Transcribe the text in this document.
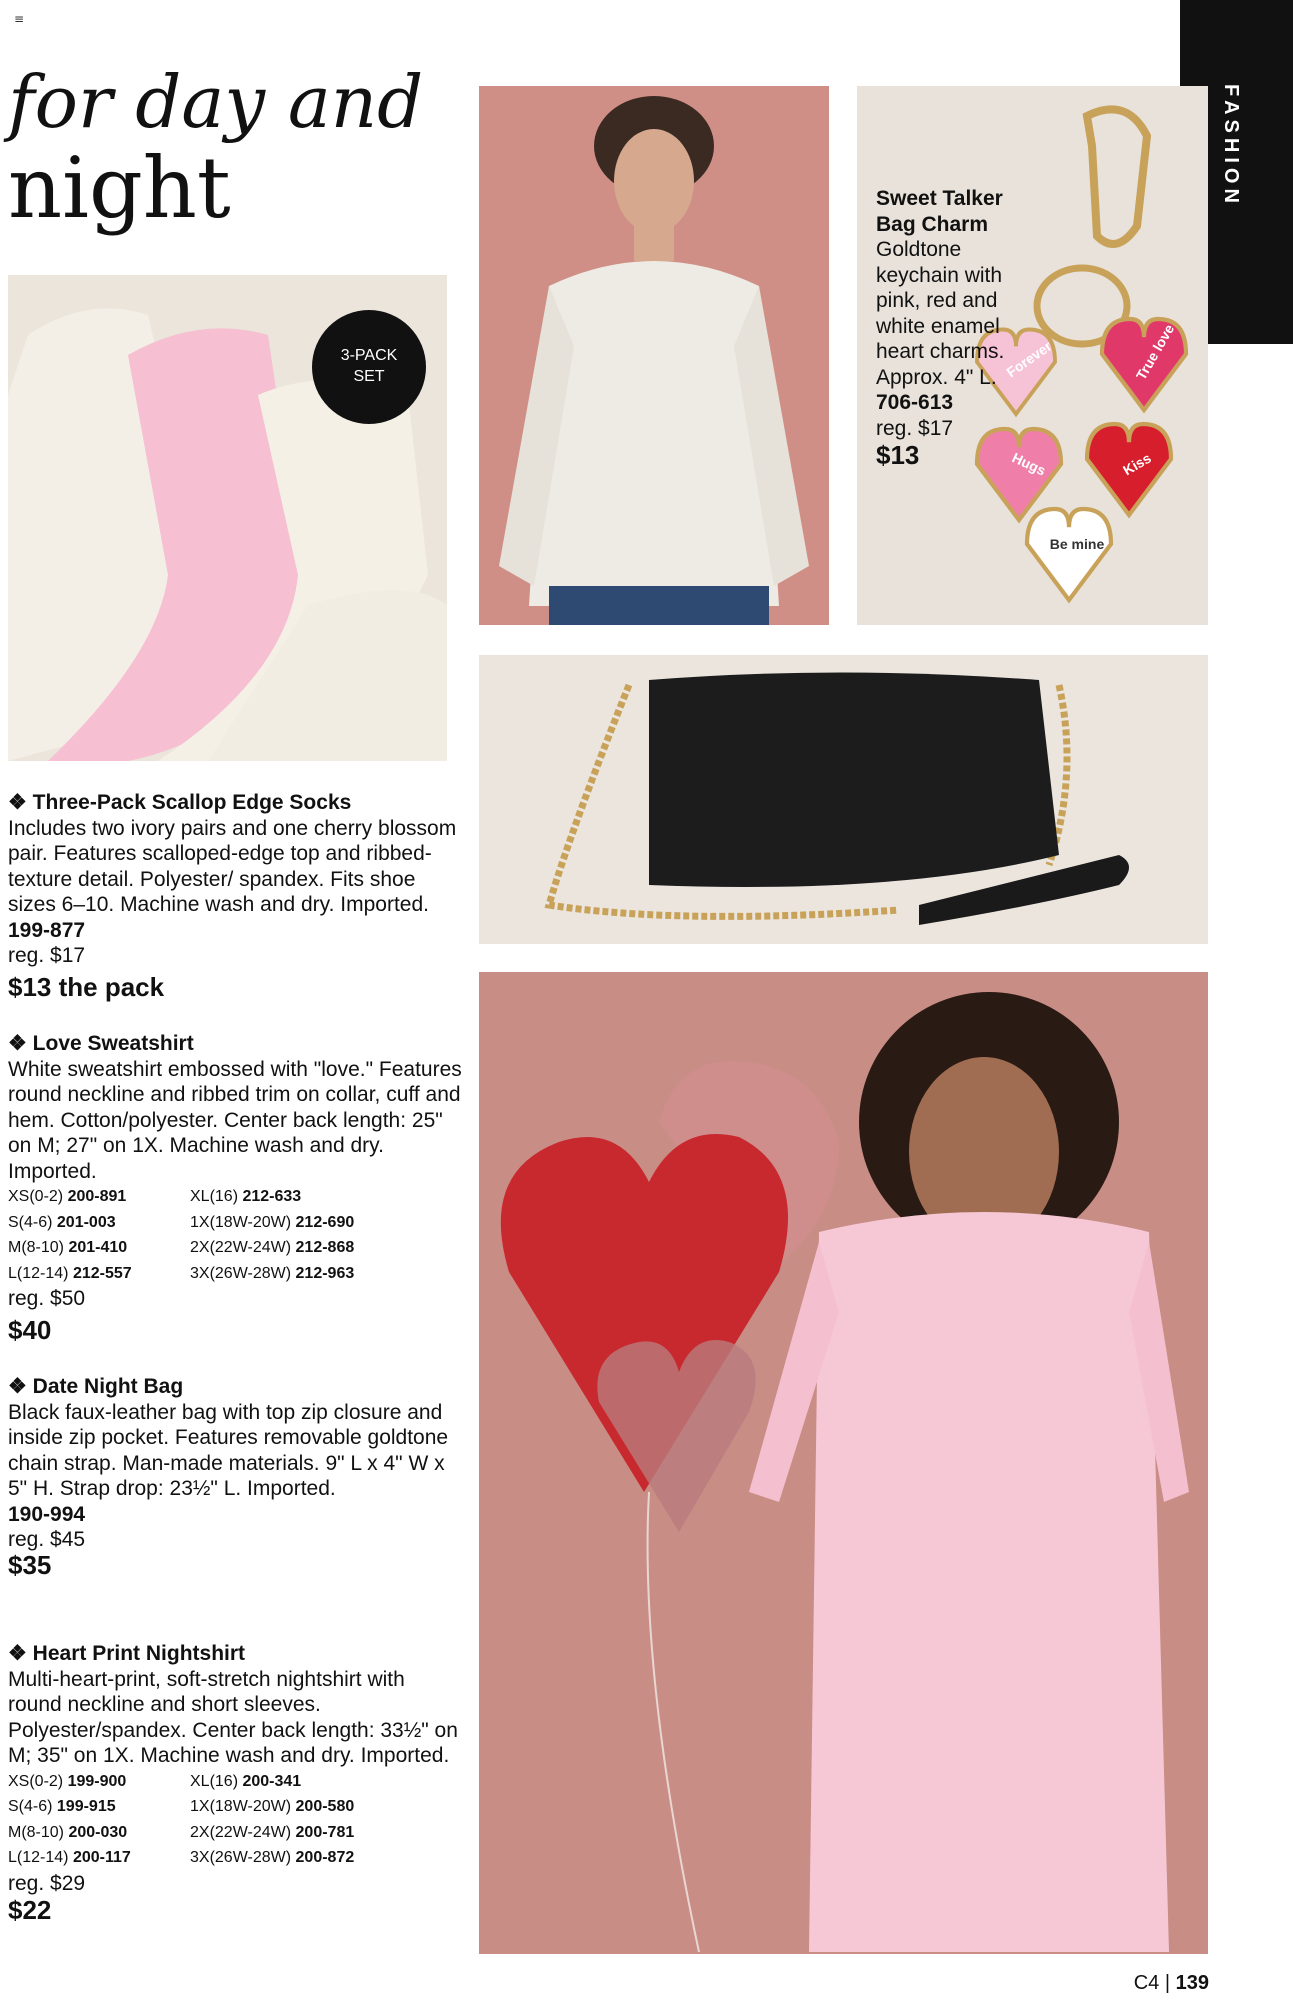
≡
for day and
night	FASHION
3-PACK
SET	Forever	True love
Hugs	Kiss
Be mine
Sweet Talker Bag Charm
Goldtone keychain with pink, red and white enamel heart charms. Approx. 4" L.
706-613
reg. $17
$13
❖ Three-Pack Scallop Edge Socks
Includes two ivory pairs and one cherry blossom pair. Features scalloped-edge top and ribbed-texture detail. Polyester/ spandex. Fits shoe sizes 6–10. Machine wash and dry. Imported. 199-877
reg. $17
$13 the pack
❖ Love Sweatshirt
White sweatshirt embossed with "love." Features round neckline and ribbed trim on collar, cuff and hem. Cotton/polyester. Center back length: 25" on M; 27" on 1X. Machine wash and dry. Imported.
XS(0-2) 200-891	XL(16) 212-633
S(4-6) 201-003	1X(18W-20W) 212-690
M(8-10) 201-410	2X(22W-24W) 212-868
L(12-14) 212-557	3X(26W-28W) 212-963
reg. $50
$40
❖ Date Night Bag
Black faux-leather bag with top zip closure and inside zip pocket. Features removable goldtone chain strap. Man-made materials. 9" L x 4" W x 5" H. Strap drop: 23½" L. Imported.
190-994
reg. $45
$35
❖ Heart Print Nightshirt
Multi-heart-print, soft-stretch nightshirt with round neckline and short sleeves. Polyester/spandex. Center back length: 33½" on M; 35" on 1X. Machine wash and dry. Imported.
XS(0-2) 199-900	XL(16) 200-341
S(4-6) 199-915	1X(18W-20W) 200-580
M(8-10) 200-030	2X(22W-24W) 200-781
L(12-14) 200-117	3X(26W-28W) 200-872
reg. $29
$22
C4 | 139
